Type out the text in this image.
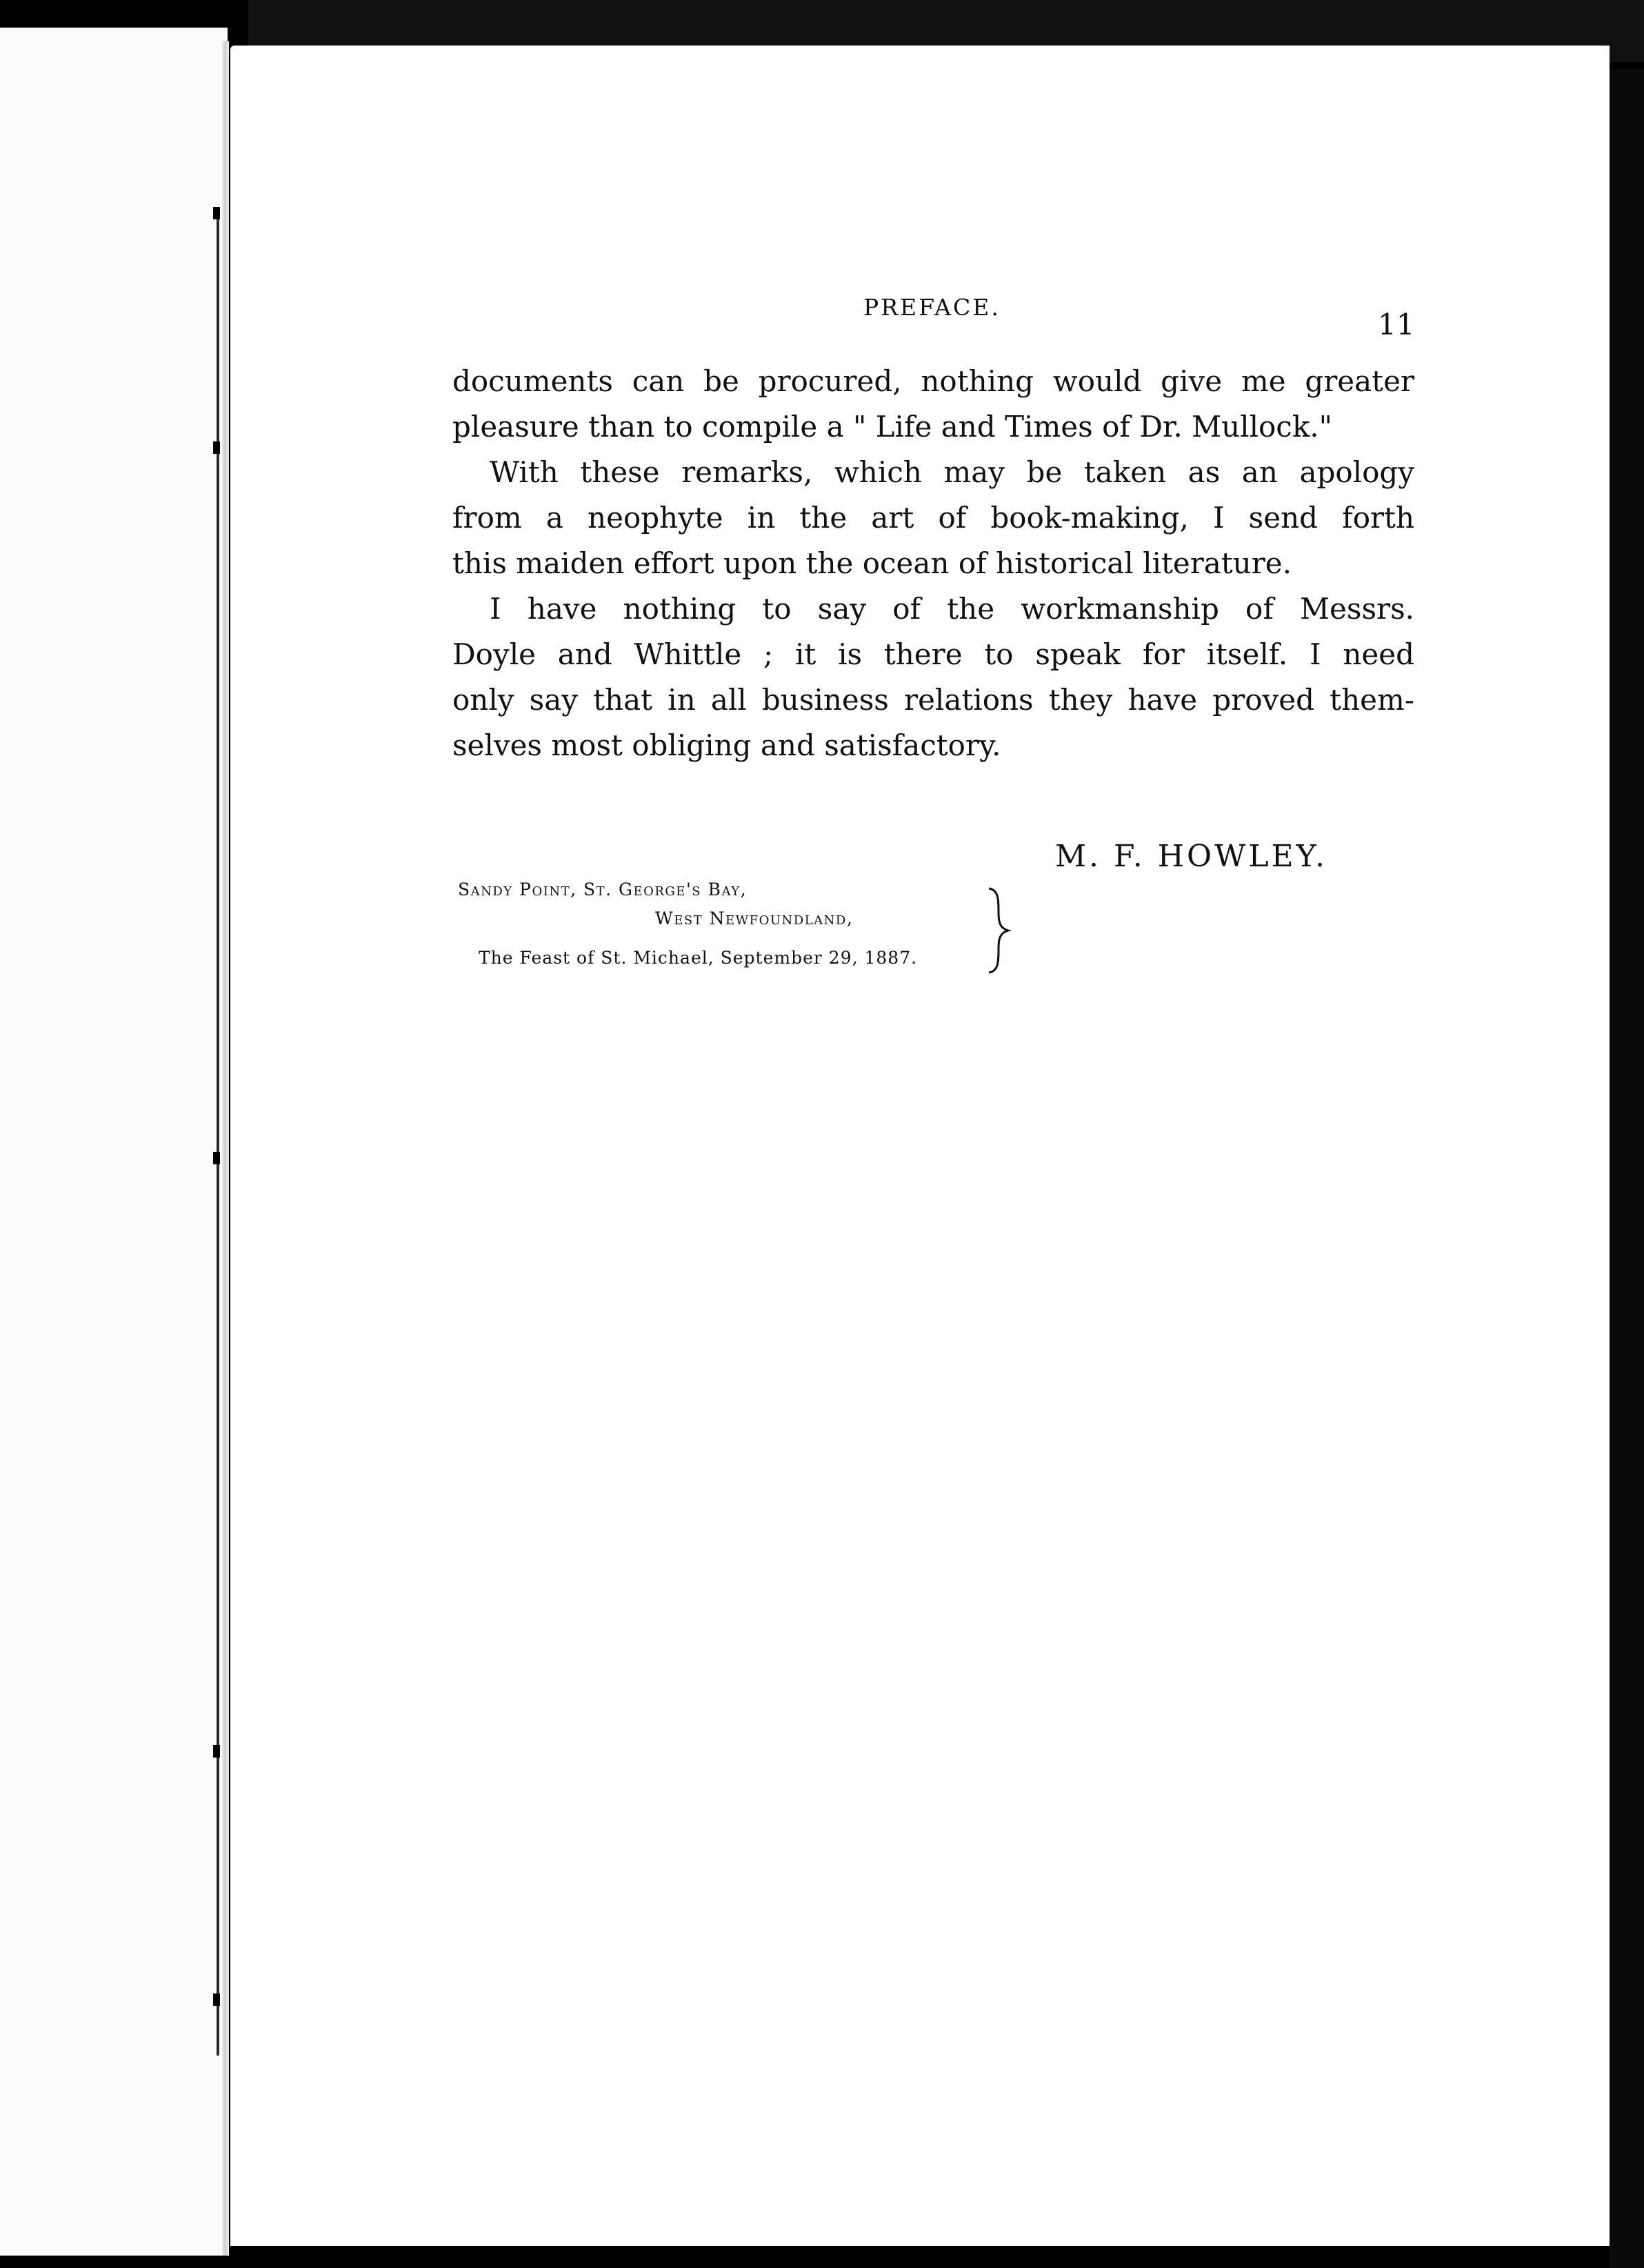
PREFACE.
11
documents can be procured, nothing would give me greater
pleasure than to compile a " Life and Times of Dr. Mullock."
With these remarks, which may be taken as an apology
from a neophyte in the art of book-making, I send forth
this maiden effort upon the ocean of historical literature.
I have nothing to say of the workmanship of Messrs.
Doyle and Whittle ; it is there to speak for itself. I need
only say that in all business relations they have proved them-
selves most obliging and satisfactory.
M. F. HOWLEY.
Sandy Point, St. George's Bay,
West Newfoundland,
The Feast of St. Michael, September 29, 1887.
